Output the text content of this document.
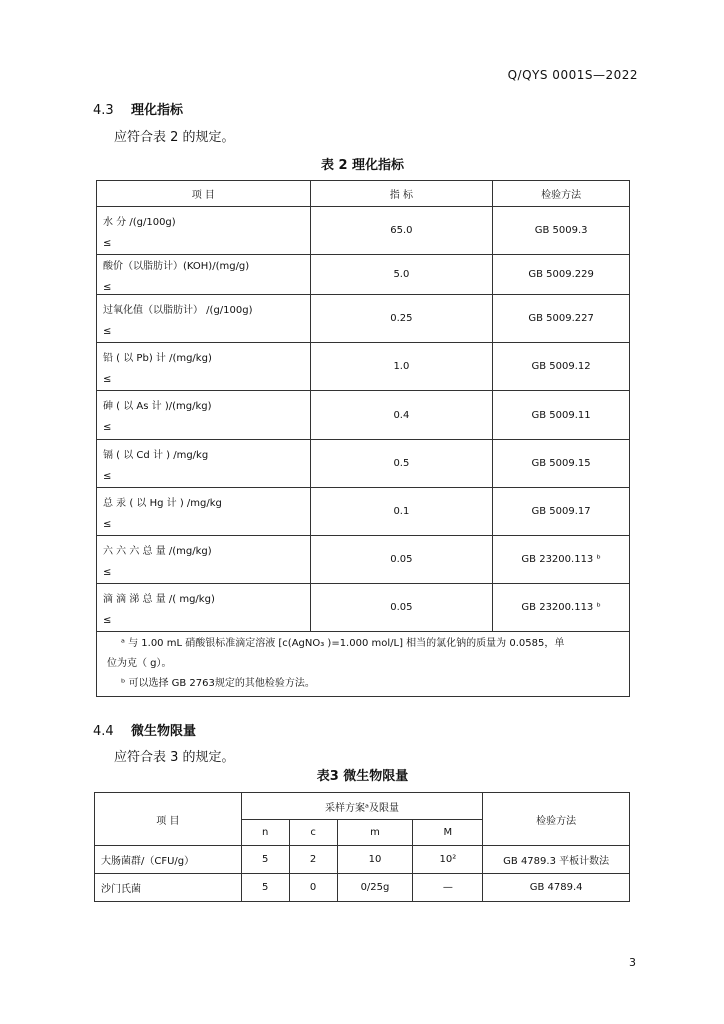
Q/QYS 0001S—2022
4.3 理化指标
应符合表 2 的规定。
表 2 理化指标
项 目	指 标	检验方法

水 分 /(g/100g)
≤	65.0	GB 5009.3

酸价（以脂肪计）(KOH)/(mg/g)
≤	5.0	GB 5009.229

过氧化值（以脂肪计） /(g/100g)
≤	0.25	GB 5009.227

铅 ( 以 Pb) 计 /(mg/kg)
≤	1.0	GB 5009.12

砷 ( 以 As 计 )/(mg/kg)
≤	0.4	GB 5009.11

镉 ( 以 Cd 计 ) /mg/kg
≤	0.5	GB 5009.15

总 汞 ( 以 Hg 计 ) /mg/kg
≤	0.1	GB 5009.17

六 六 六 总 量 /(mg/kg)
≤	0.05	GB 23200.113 ᵇ

滴 滴 涕 总 量 /( mg/kg)
≤	0.05	GB 23200.113 ᵇ

ᵃ 与 1.00 mL 硝酸银标准滴定溶液 [c(AgNO₃ )=1.000 mol/L] 相当的氯化钠的质量为 0.0585，单
位为克（ g）。
ᵇ 可以选择 GB 2763规定的其他检验方法。		
4.4 微生物限量
应符合表 3 的规定。
表3 微生物限量
项 目	采样方案ᵃ及限量				检验方法
	n	c	m	M	
大肠菌群/（CFU/g）	5	2	10	10²	GB 4789.3 平板计数法
沙门氏菌	5	0	0/25g	—	GB 4789.4
3
